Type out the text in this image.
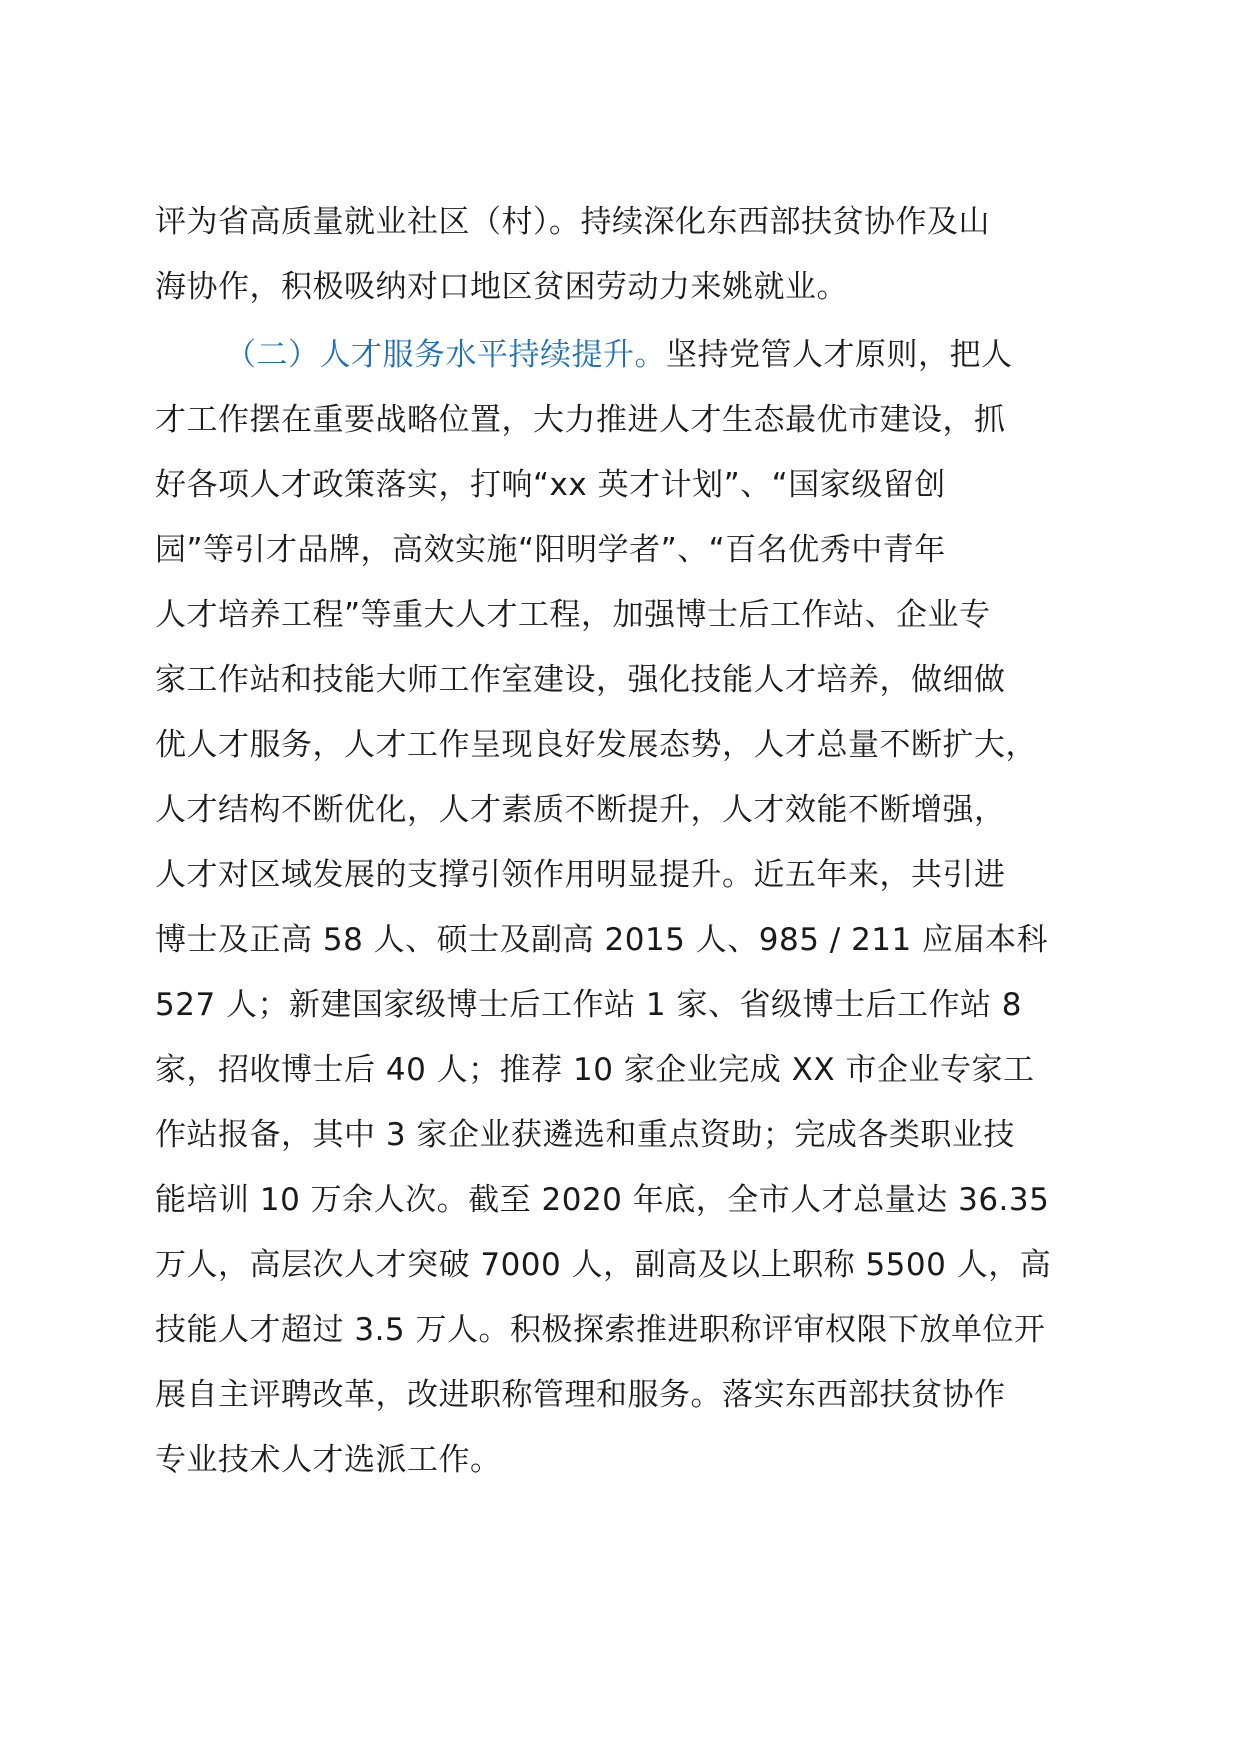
评为省高质量就业社区（村）。持续深化东西部扶贫协作及山
海协作，积极吸纳对口地区贫困劳动力来姚就业。
（二）人才服务水平持续提升。坚持党管人才原则，把人
才工作摆在重要战略位置，大力推进人才生态最优市建设，抓
好各项人才政策落实，打响“xx 英才计划”、“国家级留创
园”等引才品牌，高效实施“阳明学者”、“百名优秀中青年
人才培养工程”等重大人才工程，加强博士后工作站、企业专
家工作站和技能大师工作室建设，强化技能人才培养，做细做
优人才服务，人才工作呈现良好发展态势，人才总量不断扩大，
人才结构不断优化，人才素质不断提升，人才效能不断增强，
人才对区域发展的支撑引领作用明显提升。近五年来，共引进
博士及正高 58 人、硕士及副高 2015 人、985 / 211 应届本科
527 人；新建国家级博士后工作站 1 家、省级博士后工作站 8
家，招收博士后 40 人；推荐 10 家企业完成 XX 市企业专家工
作站报备，其中 3 家企业获遴选和重点资助；完成各类职业技
能培训 10 万余人次。截至 2020 年底，全市人才总量达 36.35
万人，高层次人才突破 7000 人，副高及以上职称 5500 人，高
技能人才超过 3.5 万人。积极探索推进职称评审权限下放单位开
展自主评聘改革，改进职称管理和服务。落实东西部扶贫协作
专业技术人才选派工作。
